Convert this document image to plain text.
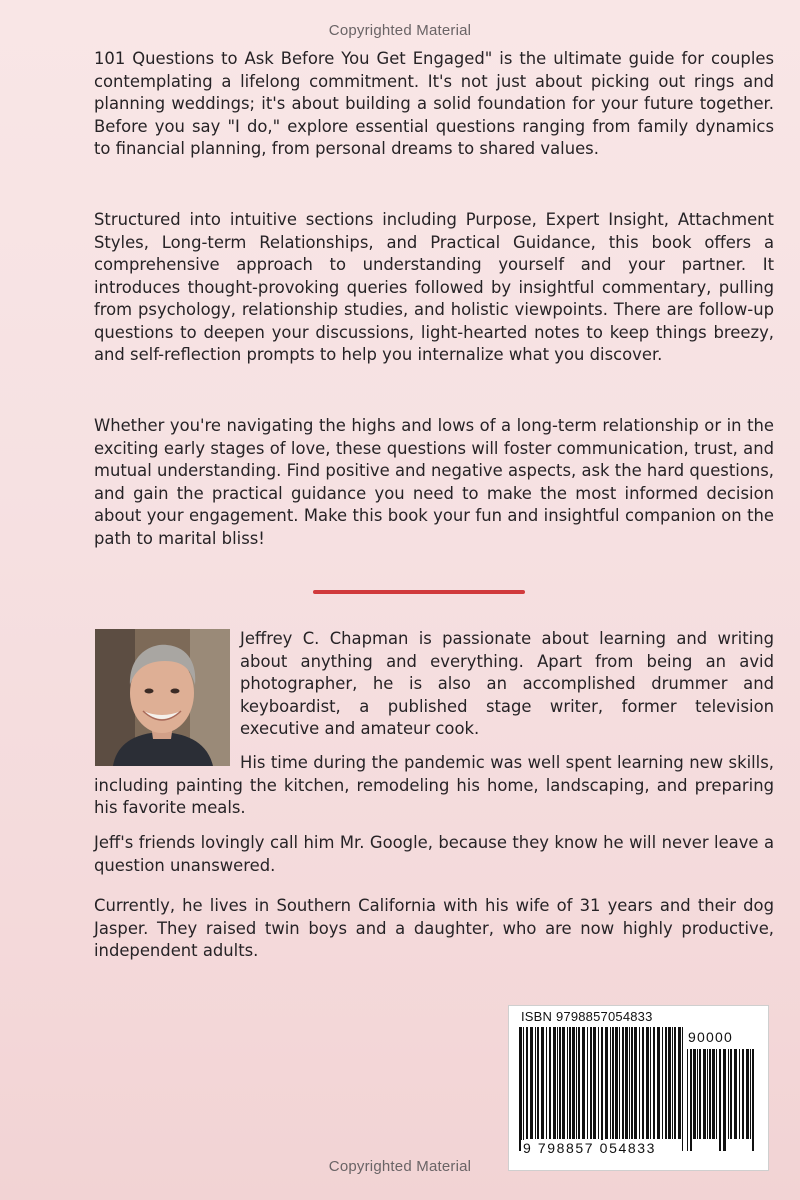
Copyrighted Material

101 Questions to Ask Before You Get Engaged" is the ultimate guide for couples contemplating a lifelong commitment. It's not just about picking out rings and planning weddings; it's about building a solid foundation for your future together. Before you say "I do," explore essential questions ranging from family dynamics to financial planning, from personal dreams to shared values.

Structured into intuitive sections including Purpose, Expert Insight, Attachment Styles, Long-term Relationships, and Practical Guidance, this book offers a comprehensive approach to understanding yourself and your partner. It introduces thought-provoking queries followed by insightful commentary, pulling from psychology, relationship studies, and holistic viewpoints. There are follow-up questions to deepen your discussions, light-hearted notes to keep things breezy, and self-reflection prompts to help you internalize what you discover.

Whether you're navigating the highs and lows of a long-term relationship or in the exciting early stages of love, these questions will foster communication, trust, and mutual understanding. Find positive and negative aspects, ask the hard questions, and gain the practical guidance you need to make the most informed decision about your engagement. Make this book your fun and insightful companion on the path to marital bliss!

Jeffrey C. Chapman is passionate about learning and writing about anything and everything. Apart from being an avid photographer, he is also an accomplished drummer and keyboardist, a published stage writer, former television executive and amateur cook.

His time during the pandemic was well spent learning new skills, including painting the kitchen, remodeling his home, landscaping, and preparing his favorite meals.

Jeff's friends lovingly call him Mr. Google, because they know he will never leave a question unanswered.

Currently, he lives in Southern California with his wife of 31 years and their dog Jasper. They raised twin boys and a daughter, who are now highly productive, independent adults.

ISBN 9798857054833
90000
9 798857 054833
Copyrighted Material
